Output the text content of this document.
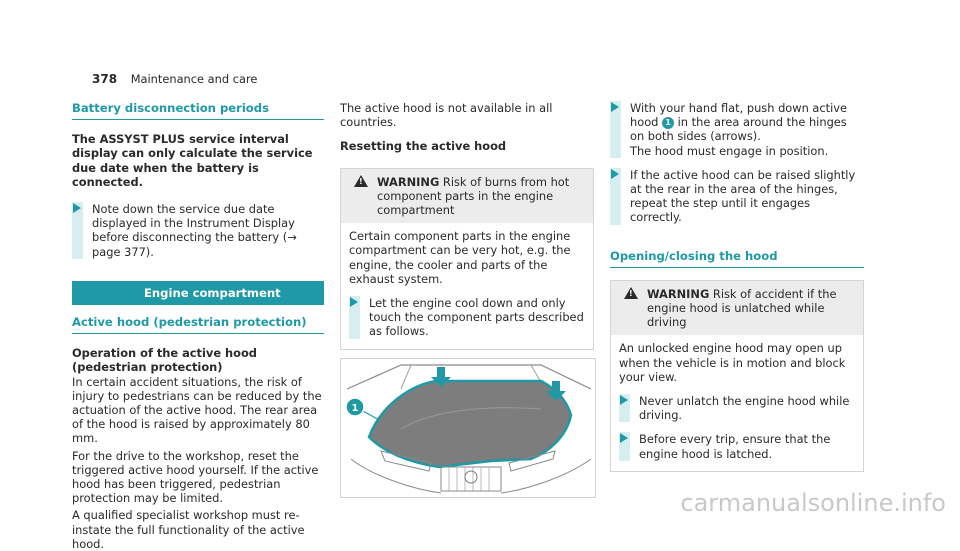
378 Maintenance and care
Battery disconnection periods

The ASSYST PLUS service interval display can only calculate the service due date when the battery is connected.

Note down the service due date displayed in the Instrument Display before disconnecting the battery (→ page 377).
Engine compartment
Active hood (pedestrian protection)

Operation of the active hood (pedestrian protection)

In certain accident situations, the risk of injury to pedestrians can be reduced by the actuation of the active hood. The rear area of the hood is raised by approximately 80 mm.

For the drive to the workshop, reset the triggered active hood yourself. If the active hood has been triggered, pedestrian protection may be limited.

A qualified specialist workshop must re-instate the full functionality of the active hood.

The active hood is not available in all countries.

Resetting the active hood

!
WARNING Risk of burns from hot component parts in the engine compartment

Certain component parts in the engine compartment can be very hot, e.g. the engine, the cooler and parts of the exhaust system.

Let the engine cool down and only touch the component parts described as follows.
1
With your hand flat, push down active hood 1 in the area around the hinges on both sides (arrows).
The hood must engage in position.
If the active hood can be raised slightly at the rear in the area of the hinges, repeat the step until it engages correctly.
Opening/closing the hood
!
WARNING Risk of accident if the engine hood is unlatched while driving

An unlocked engine hood may open up when the vehicle is in motion and block your view.

Never unlatch the engine hood while driving.
Before every trip, ensure that the engine hood is latched.
carmanualsonline.info
